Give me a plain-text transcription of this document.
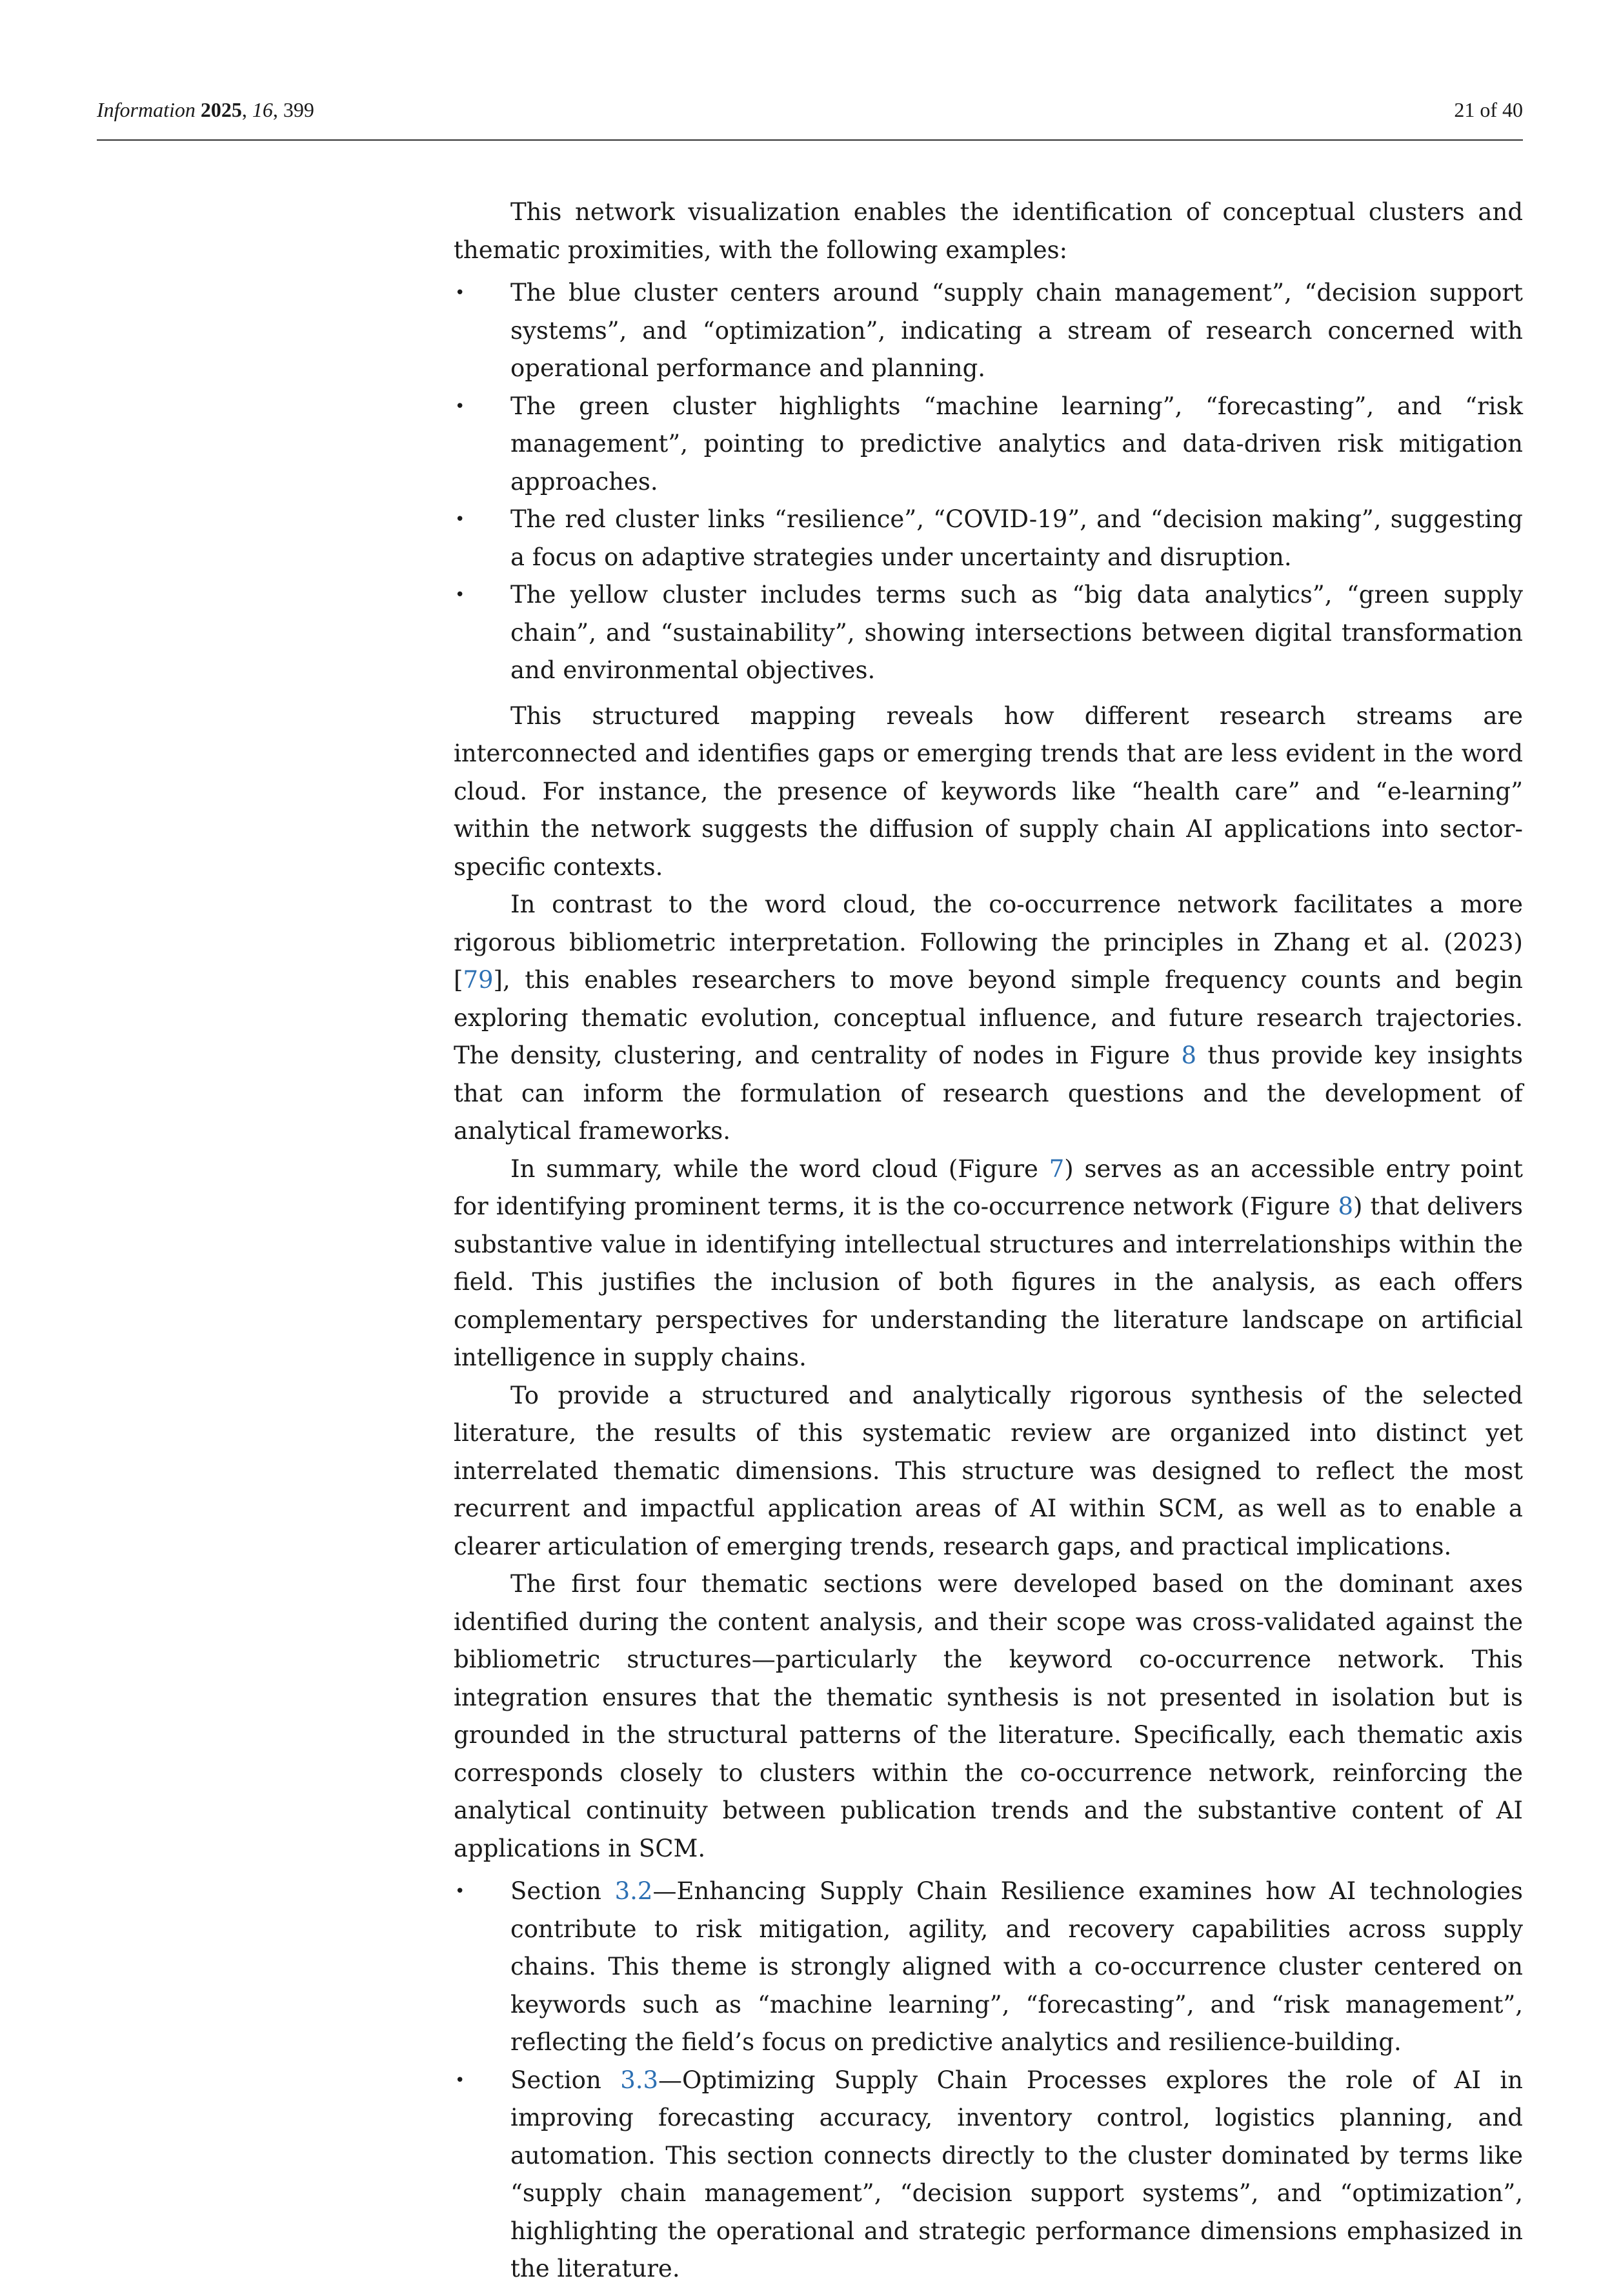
Information 2025, 16, 399	21 of 40

This network visualization enables the identification of conceptual clusters and thematic proximities, with the following examples:

•	The blue cluster centers around “supply chain management”, “decision support systems”, and “optimization”, indicating a stream of research concerned with operational performance and planning.
•	The green cluster highlights “machine learning”, “forecasting”, and “risk management”, pointing to predictive analytics and data-driven risk mitigation approaches.
•	The red cluster links “resilience”, “COVID-19”, and “decision making”, suggesting a focus on adaptive strategies under uncertainty and disruption.
•	The yellow cluster includes terms such as “big data analytics”, “green supply chain”, and “sustainability”, showing intersections between digital transformation and environmental objectives.

This structured mapping reveals how different research streams are interconnected and identifies gaps or emerging trends that are less evident in the word cloud. For instance, the presence of keywords like “health care” and “e-learning” within the network suggests the diffusion of supply chain AI applications into sector-specific contexts.

In contrast to the word cloud, the co-occurrence network facilitates a more rigorous bibliometric interpretation. Following the principles in Zhang et al. (2023) [79], this enables researchers to move beyond simple frequency counts and begin exploring thematic evolution, conceptual influence, and future research trajectories. The density, clustering, and centrality of nodes in Figure 8 thus provide key insights that can inform the formulation of research questions and the development of analytical frameworks.

In summary, while the word cloud (Figure 7) serves as an accessible entry point for identifying prominent terms, it is the co-occurrence network (Figure 8) that delivers substantive value in identifying intellectual structures and interrelationships within the field. This justifies the inclusion of both figures in the analysis, as each offers complementary perspectives for understanding the literature landscape on artificial intelligence in supply chains.

To provide a structured and analytically rigorous synthesis of the selected literature, the results of this systematic review are organized into distinct yet interrelated thematic dimensions. This structure was designed to reflect the most recurrent and impactful application areas of AI within SCM, as well as to enable a clearer articulation of emerging trends, research gaps, and practical implications.

The first four thematic sections were developed based on the dominant axes identified during the content analysis, and their scope was cross-validated against the bibliometric structures—particularly the keyword co-occurrence network. This integration ensures that the thematic synthesis is not presented in isolation but is grounded in the structural patterns of the literature. Specifically, each thematic axis corresponds closely to clusters within the co-occurrence network, reinforcing the analytical continuity between publication trends and the substantive content of AI applications in SCM.

•	Section 3.2—Enhancing Supply Chain Resilience examines how AI technologies contribute to risk mitigation, agility, and recovery capabilities across supply chains. This theme is strongly aligned with a co-occurrence cluster centered on keywords such as “machine learning”, “forecasting”, and “risk management”, reflecting the field’s focus on predictive analytics and resilience-building.
•	Section 3.3—Optimizing Supply Chain Processes explores the role of AI in improving forecasting accuracy, inventory control, logistics planning, and automation. This section connects directly to the cluster dominated by terms like “supply chain management”, “decision support systems”, and “optimization”, highlighting the operational and strategic performance dimensions emphasized in the literature.
